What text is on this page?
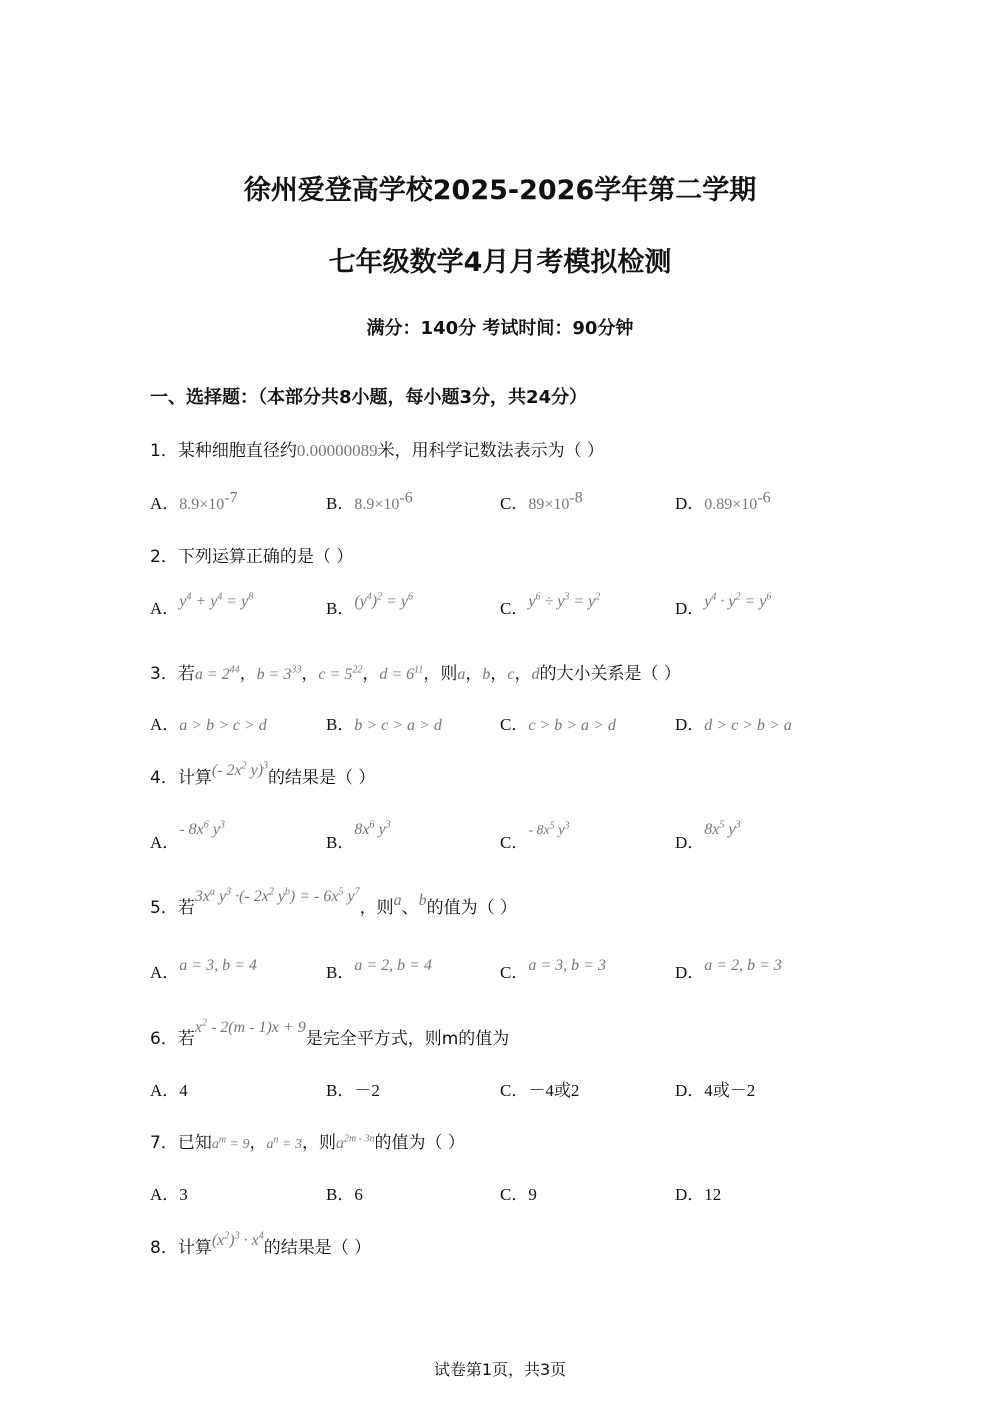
徐州爱登高学校2025-2026学年第二学期
七年级数学4月月考模拟检测
满分：140分 考试时间：90分钟
一、选择题：（本部分共8小题，每小题3分，共24分）
1．某种细胞直径约0.00000089米，用科学记数法表示为（ ）
A．$8.9\times 10^{-7}$	B．$8.9\times 10^{-6}$	C．$89\times 10^{-8}$	D．$0.89\times 10^{-6}$
2．下列运算正确的是（ ）
A．$y^4 + y^4 = y^8$
B．$(y^4)^2 = y^6$
C．$y^6 \div y^3 = y^2$
D．$y^4 \cdot y^2 = y^6$
3．若$a = 2^{44}$，$b = 3^{33}$，$c = 5^{22}$，$d = 6^{11}$，则a，b，c，d的大小关系是（ ）
A．a > b > c > d	B．b > c > a > d	C．c > b > a > d	D．d > c > b > a
4．计算(- $2x^2$ y)$^3$的结果是（ ）
A．- $8x^6$ $y^3$
B．$8x^6$ $y^3$
C．$^{- 8x^5 y^3}$
D．$8x^5$ $y^3$
5．若$3x^a$ $y^3$ ·(- $2x^2$ $y^b$) = - $6x^5$ $y^7$，则a、b的值为（ ）
A．a = 3, b = 4	B．a = 2, b = 4	C．a = 3, b = 3	D．a = 2, b = 3
6．若$x^2 - 2(m - 1)x + 9$是完全平方式，则m的值为
A．4	B．－2	C．－4或2	D．4或－2
7．已知$a^m = 9$，$a^n = 3$，则$a^{2m - 3n}$的值为（ ）
A．3	B．6	C．9	D．12
8．计算$(x^2)^3 \cdot x^4$的结果是（ ）
试卷第1页，共3页
